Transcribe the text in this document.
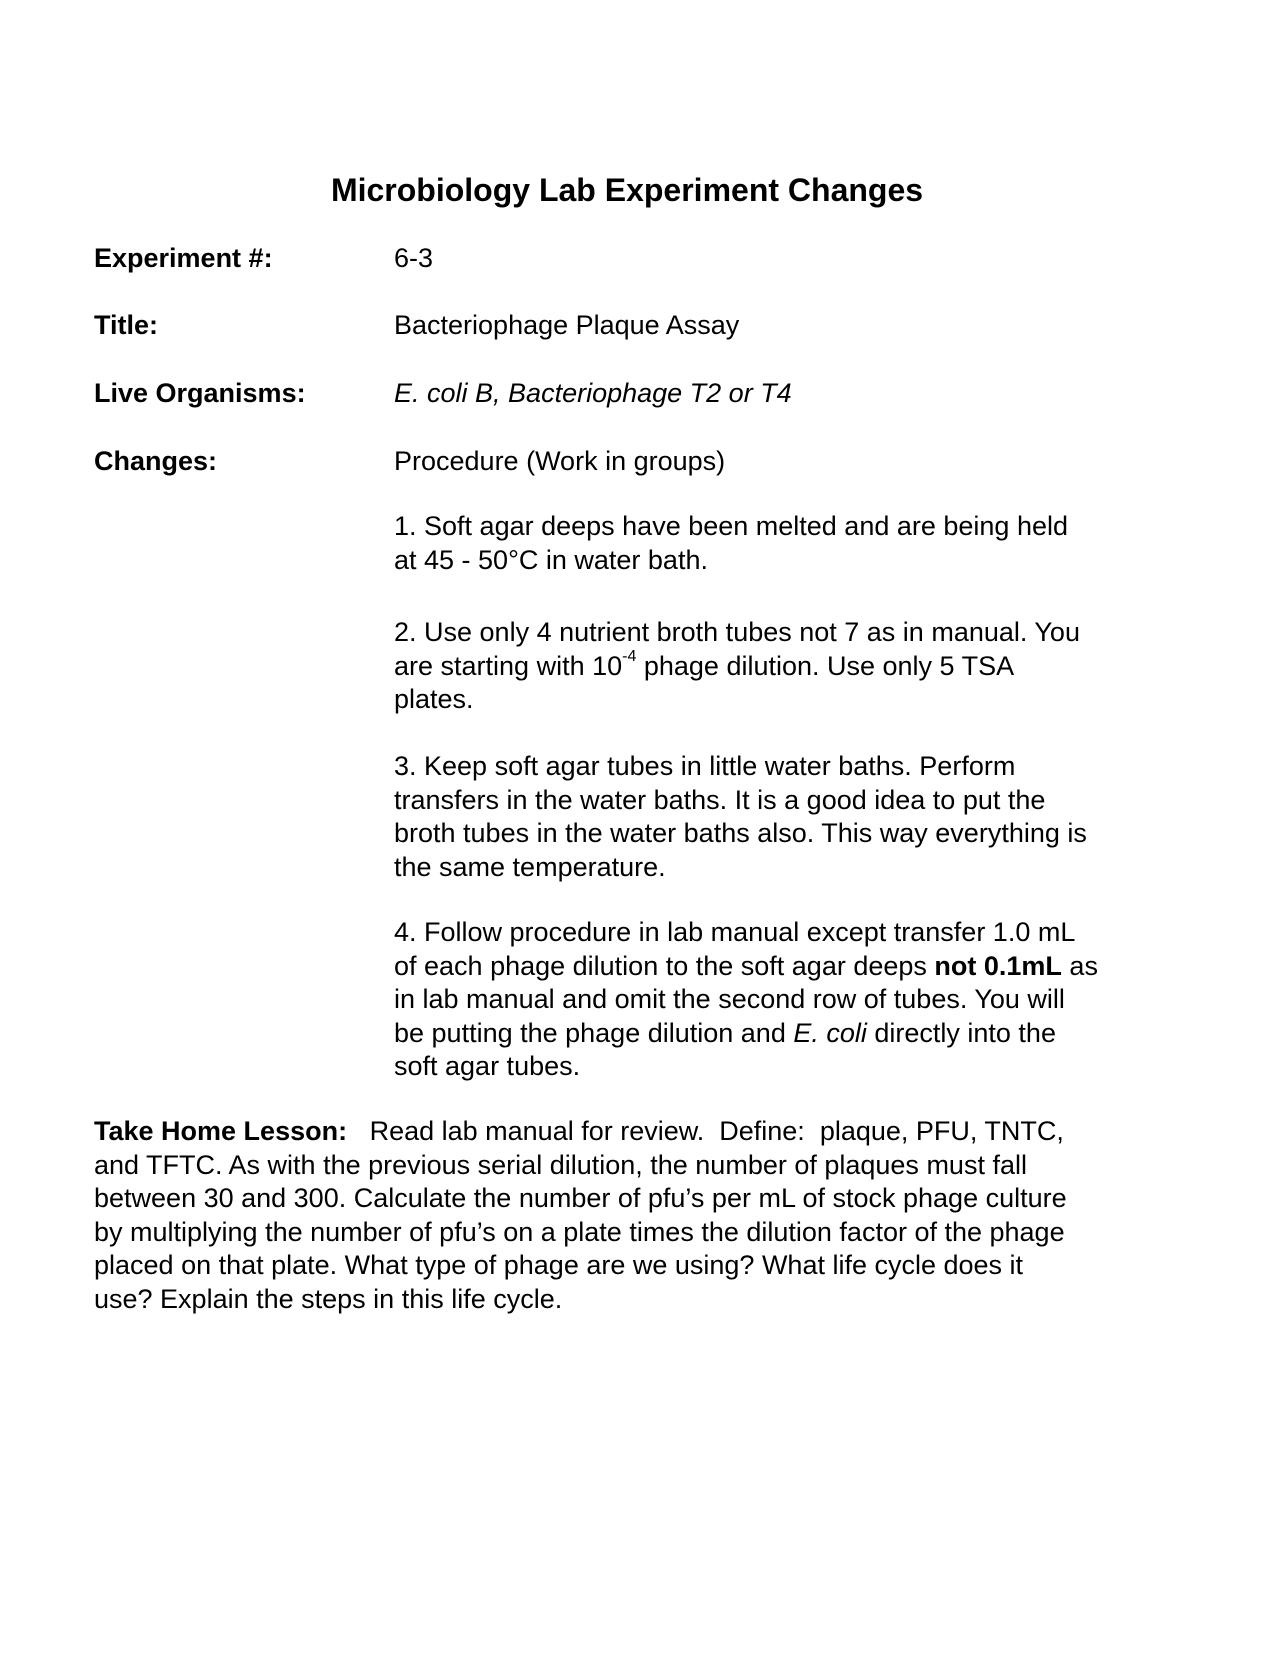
Microbiology Lab Experiment Changes
Experiment #:	6-3
Title:	Bacteriophage Plaque Assay
Live Organisms:	E. coli B, Bacteriophage T2 or T4
Changes:	Procedure (Work in groups)

1. Soft agar deeps have been melted and are being held

at 45 - 50°C in water bath.

2. Use only 4 nutrient broth tubes not 7 as in manual. You

are starting with $10^{-4}$ phage dilution. Use only 5 TSA

plates.

3. Keep soft agar tubes in little water baths. Perform

transfers in the water baths. It is a good idea to put the

broth tubes in the water baths also. This way everything is

the same temperature.

4. Follow procedure in lab manual except transfer 1.0 mL

of each phage dilution to the soft agar deeps not 0.1mL as

in lab manual and omit the second row of tubes. You will

be putting the phage dilution and E. coli directly into the

soft agar tubes.

Take Home Lesson:   Read lab manual for review.  Define:  plaque, PFU, TNTC,
and TFTC. As with the previous serial dilution, the number of plaques must fall
between 30 and 300. Calculate the number of pfu’s per mL of stock phage culture
by multiplying the number of pfu’s on a plate times the dilution factor of the phage
placed on that plate. What type of phage are we using? What life cycle does it
use? Explain the steps in this life cycle.
